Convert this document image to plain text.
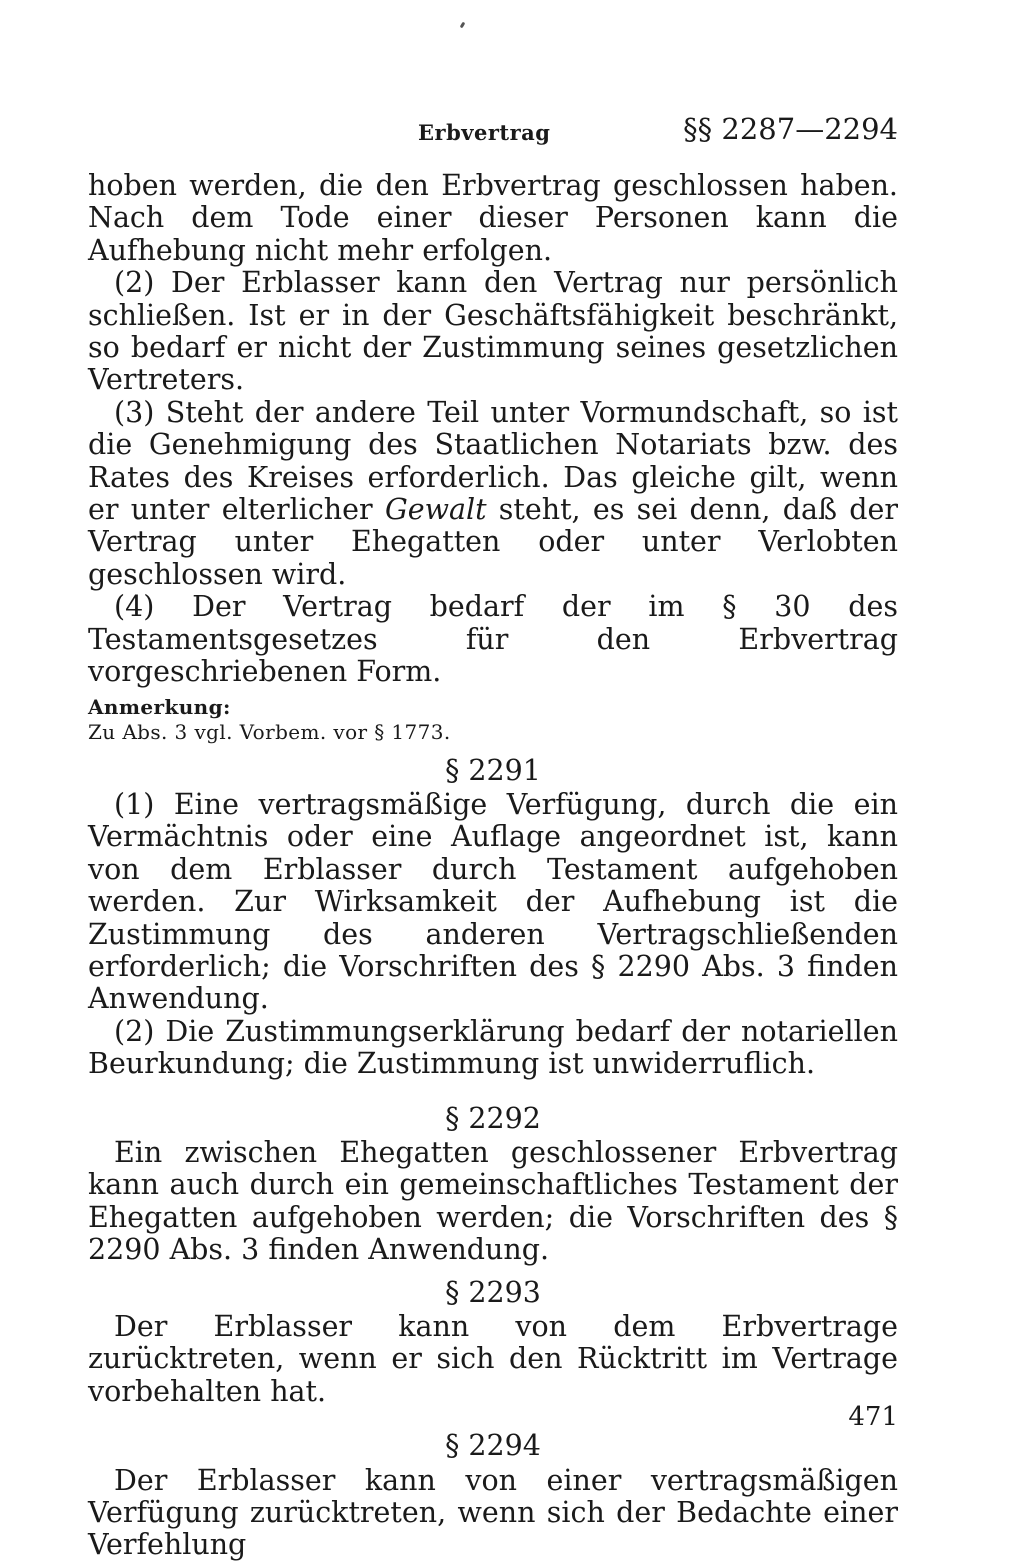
Erbvertrag	§§ 2287—2294

hoben werden, die den Erbvertrag geschlossen haben. Nach dem Tode einer dieser Personen kann die Aufhebung nicht mehr erfolgen.

(2) Der Erblasser kann den Vertrag nur persönlich schließen. Ist er in der Geschäftsfähigkeit beschränkt, so bedarf er nicht der Zustimmung seines gesetzlichen Vertreters.

(3) Steht der andere Teil unter Vormundschaft, so ist die Genehmigung des Staatlichen Notariats bzw. des Rates des Kreises erforderlich. Das gleiche gilt, wenn er unter elterlicher Gewalt steht, es sei denn, daß der Vertrag unter Ehegatten oder unter Verlobten geschlossen wird.

(4) Der Vertrag bedarf der im § 30 des Testamentsgesetzes für den Erbvertrag vorgeschriebenen Form.

Anmerkung:
Zu Abs. 3 vgl. Vorbem. vor § 1773.
§ 2291

(1) Eine vertragsmäßige Verfügung, durch die ein Vermächtnis oder eine Auflage angeordnet ist, kann von dem Erblasser durch Testament aufgehoben werden. Zur Wirksamkeit der Aufhebung ist die Zustimmung des anderen Vertragschließenden erforderlich; die Vorschriften des § 2290 Abs. 3 finden Anwendung.

(2) Die Zustimmungserklärung bedarf der notariellen Beurkundung; die Zustimmung ist unwiderruflich.

§ 2292

Ein zwischen Ehegatten geschlossener Erbvertrag kann auch durch ein gemeinschaftliches Testament der Ehegatten aufgehoben werden; die Vorschriften des § 2290 Abs. 3 finden Anwendung.

§ 2293

Der Erblasser kann von dem Erbvertrage zurücktreten, wenn er sich den Rücktritt im Vertrage vorbehalten hat.

§ 2294

Der Erblasser kann von einer vertragsmäßigen Verfügung zurücktreten, wenn sich der Bedachte einer Verfehlung

471
